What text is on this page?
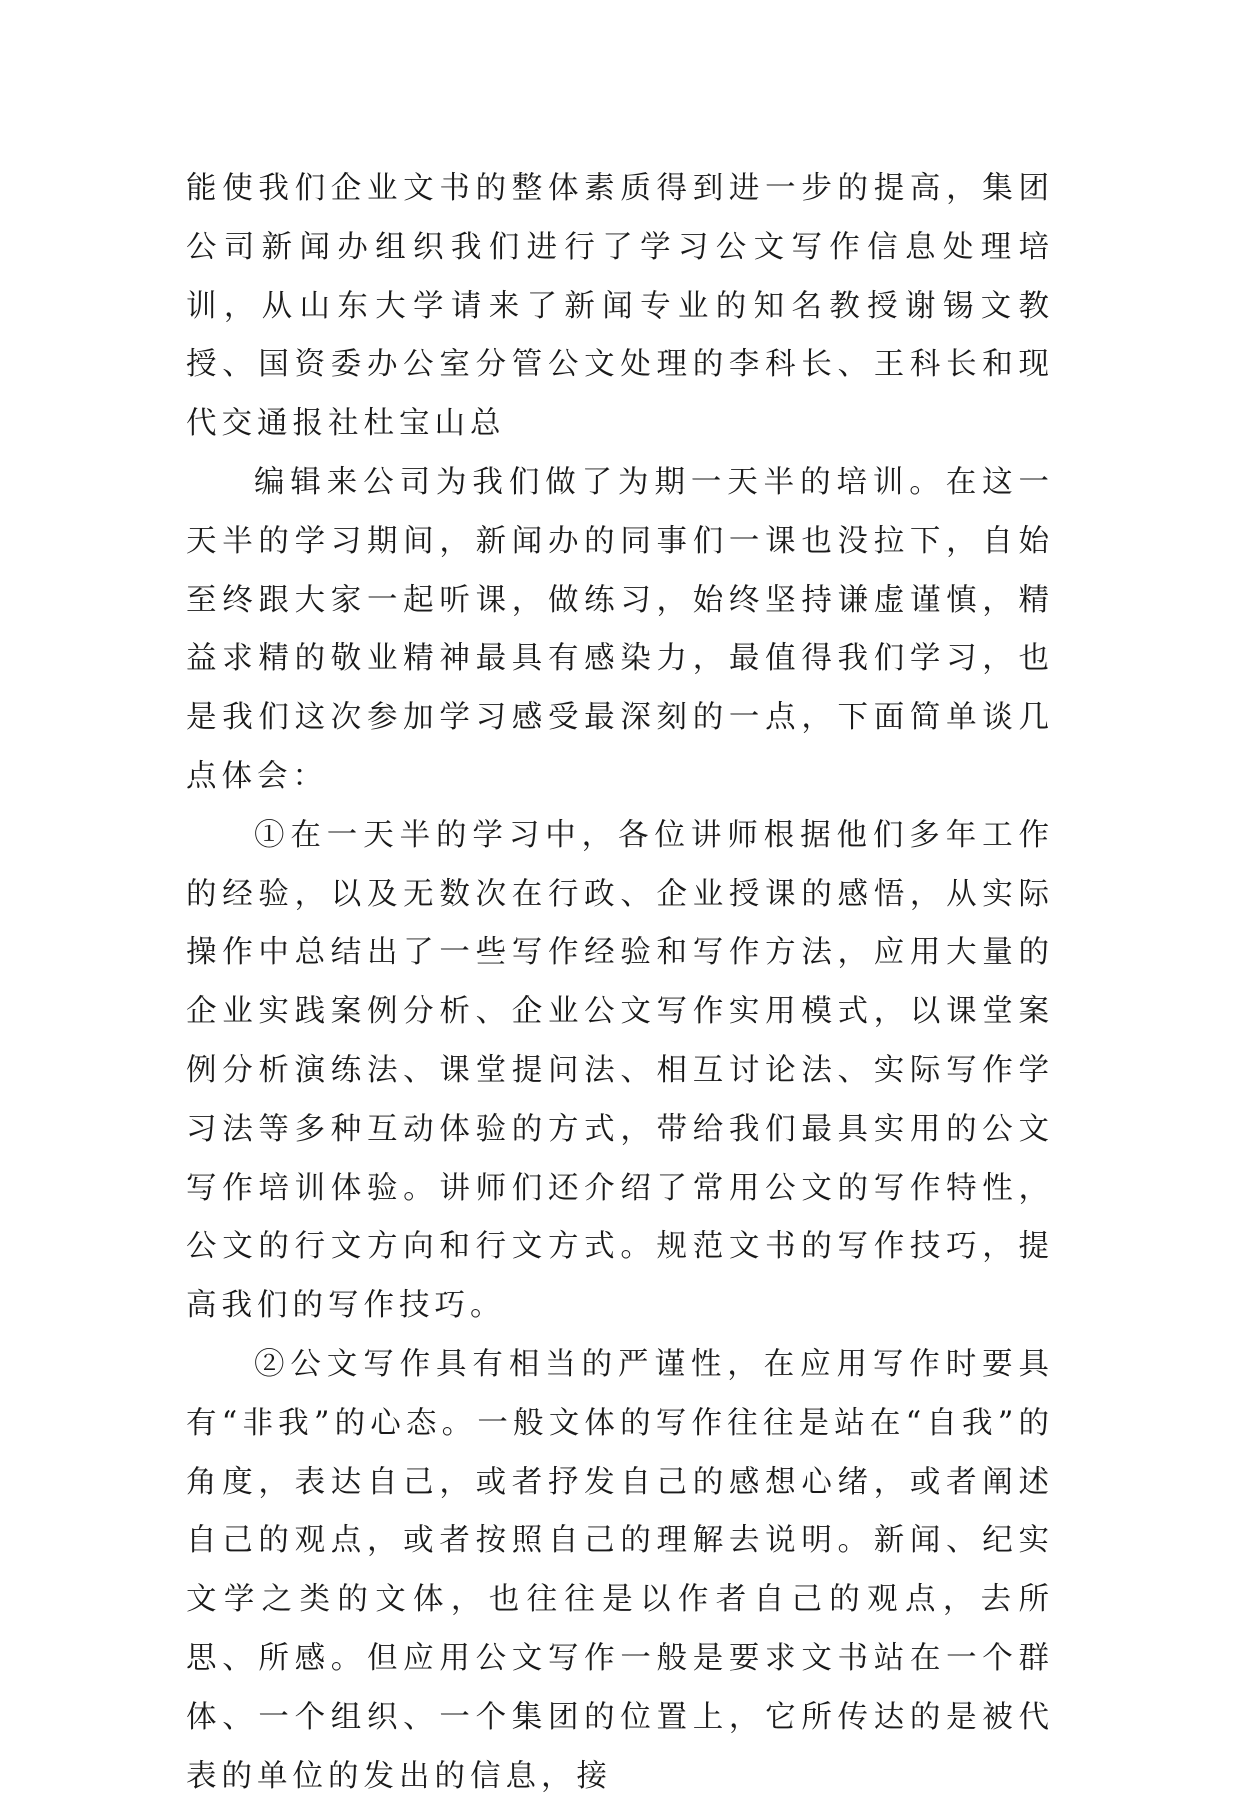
能使我们企业文书的整体素质得到进一步的提高，集团公司新闻办组织我们进行了学习公文写作信息处理培训，从山东大学请来了新闻专业的知名教授谢锡文教授、国资委办公室分管公文处理的李科长、王科长和现代交通报社杜宝山总

编辑来公司为我们做了为期一天半的培训。在这一天半的学习期间，新闻办的同事们一课也没拉下，自始至终跟大家一起听课，做练习，始终坚持谦虚谨慎，精益求精的敬业精神最具有感染力，最值得我们学习，也是我们这次参加学习感受最深刻的一点，下面简单谈几点体会：

①在一天半的学习中，各位讲师根据他们多年工作的经验，以及无数次在行政、企业授课的感悟，从实际操作中总结出了一些写作经验和写作方法，应用大量的企业实践案例分析、企业公文写作实用模式，以课堂案例分析演练法、课堂提问法、相互讨论法、实际写作学习法等多种互动体验的方式，带给我们最具实用的公文写作培训体验。讲师们还介绍了常用公文的写作特性，公文的行文方向和行文方式。规范文书的写作技巧，提高我们的写作技巧。

②公文写作具有相当的严谨性，在应用写作时要具有“非我”的心态。一般文体的写作往往是站在“自我”的角度，表达自己，或者抒发自己的感想心绪，或者阐述自己的观点，或者按照自己的理解去说明。新闻、纪实文学之类的文体，也往往是以作者自己的观点，去所思、所感。但应用公文写作一般是要求文书站在一个群体、一个组织、一个集团的位置上，它所传达的是被代表的单位的发出的信息，接
